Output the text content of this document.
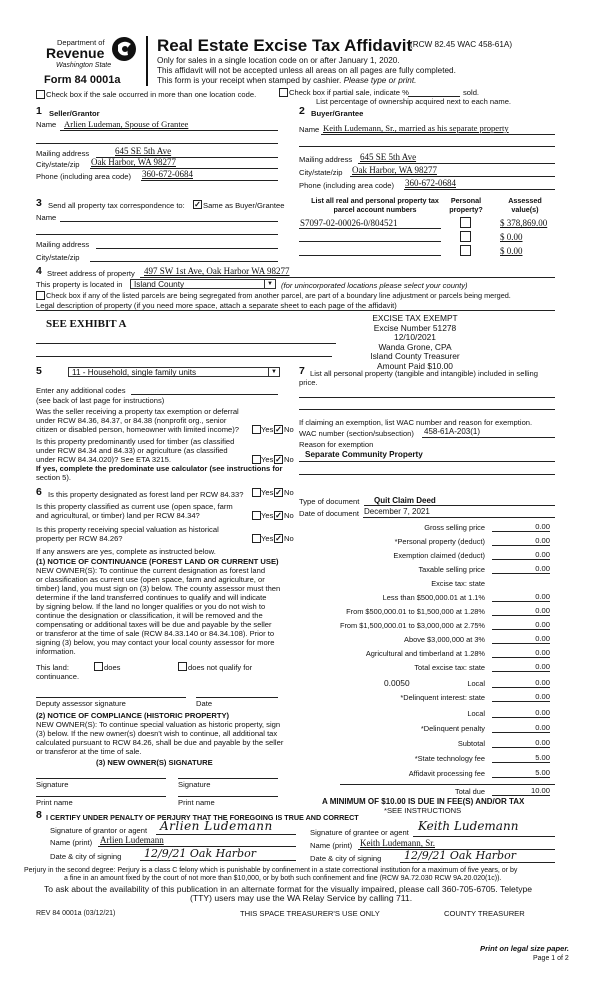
Department of
Revenue
Washington State
Form 84 0001a
Real Estate Excise Tax Affidavit
(RCW 82.45 WAC 458-61A)
Only for sales in a single location code on or after January 1, 2020.
This affidavit will not be accepted unless all areas on all pages are fully completed.
This form is your receipt when stamped by cashier. Please type or print.
Check box if the sale occurred in more than one location code.	Check box if partial sale, indicate %	sold.
List percentage of ownership acquired next to each name.
1 Seller/Grantor
Name Arlien Ludeman, Spouse of Grantee
Mailing address	645 SE 5th Ave
City/state/zip Oak Harbor, WA 98277
Phone (including area code) 360-672-0684
2 Buyer/Grantee
Name Keith Ludemann, Sr., married as his separate property
Mailing address 645 SE 5th Ave
City/state/zip Oak Harbor, WA 98277
Phone (including area code) 360-672-0684
3 Send all property tax correspondence to: ✓ Same as Buyer/Grantee
Name
Mailing address
City/state/zip
List all real and personal property tax parcel account numbers
Personal property?
Assessed value(s)
S7097-02-00026-0/804521	$ 378,869.00
$ 0.00
$ 0.00
4 Street address of property 497 SW 1st Ave, Oak Harbor WA 98277
This property is located in	Island County	▼ (for unincorporated locations please select your county)
Check box if any of the listed parcels are being segregated from another parcel, are part of a boundary line adjustment or parcels being merged.
Legal description of property (if you need more space, attach a separate sheet to each page of the affidavit)
SEE EXHIBIT A	EXCISE TAX EXEMPT
Excise Number 51278
12/10/2021
Wanda Grone, CPA
Island County Treasurer
Amount Paid $10.00
5	11 - Household, single family units	▼
Enter any additional codes
(see back of last page for instructions)
Was the seller receiving a property tax exemption or deferral
under RCW 84.36, 84.37, or 84.38 (nonprofit org., senior
citizen or disabled person, homeowner with limited income)?	Yes ✓ No
Is this property predominantly used for timber (as classified
under RCW 84.34 and 84.33) or agriculture (as classified
under RCW 84.34.020)? See ETA 3215.	Yes ✓ No
If yes, complete the predominate use calculator (see instructions for
section 5).
7 List all personal property (tangible and intangible) included in selling
price.
If claiming an exemption, list WAC number and reason for exemption.
WAC number (section/subsection) 458-61A-203(1)
Reason for exemption
Separate Community Property
6 Is this property designated as forest land per RCW 84.33? Yes ✓ No
Is this property classified as current use (open space, farm
and agricultural, or timber) land per RCW 84.34?	Yes ✓ No
Is this property receiving special valuation as historical
property per RCW 84.26?	Yes ✓ No
If any answers are yes, complete as instructed below.
(1) NOTICE OF CONTINUANCE (FOREST LAND OR CURRENT USE)
NEW OWNER(S): To continue the current designation as forest land
or classification as current use (open space, farm and agriculture, or
timber) land, you must sign on (3) below. The county assessor must then
determine if the land transferred continues to qualify and will indicate
by signing below. If the land no longer qualifies or you do not wish to
continue the designation or classification, it will be removed and the
compensating or additional taxes will be due and payable by the seller
or transferor at the time of sale (RCW 84.33.140 or 84.34.108). Prior to
signing (3) below, you may contact your local county assessor for more
information.
This land:	does	does not qualify for
continuance.
Deputy assessor signature	Date
(2) NOTICE OF COMPLIANCE (HISTORIC PROPERTY)
NEW OWNER(S): To continue special valuation as historic property, sign
(3) below. If the new owner(s) doesn't wish to continue, all additional tax
calculated pursuant to RCW 84.26, shall be due and payable by the seller
or transferor at the time of sale.
(3) NEW OWNER(S) SIGNATURE
Signature	Signature
Print name	Print name
Type of document Quit Claim Deed
Date of document December 7, 2021
Gross selling price	0.00
*Personal property (deduct)	0.00
Exemption claimed (deduct)	0.00
Taxable selling price	0.00
Excise tax: state
Less than $500,000.01 at 1.1%	0.00
From $500,000.01 to $1,500,000 at 1.28%	0.00
From $1,500,000.01 to $3,000,000 at 2.75%	0.00
Above $3,000,000 at 3%	0.00
Agricultural and timberland at 1.28%	0.00
Total excise tax: state	0.00
0.0050	Local	0.00
*Delinquent interest: state	0.00
Local	0.00
*Delinquent penalty	0.00
Subtotal	0.00
*State technology fee	5.00
Affidavit processing fee	5.00
Total due	10.00
A MINIMUM OF $10.00 IS DUE IN FEE(S) AND/OR TAX
*SEE INSTRUCTIONS
8 I CERTIFY UNDER PENALTY OF PERJURY THAT THE FOREGOING IS TRUE AND CORRECT
Signature of grantor or agent Arlien Ludemann
Name (print) Arlien Ludemann
Date & city of signing 12/9/21 Oak Harbor
Signature of grantee or agent Keith Ludemann
Name (print) Keith Ludemann, Sr.
Date & city of signing 12/9/21 Oak Harbor
Perjury in the second degree: Perjury is a class C felony which is punishable by confinement in a state correctional institution for a maximum of five years, or by
a fine in an amount fixed by the court of not more than $10,000, or by both such confinement and fine (RCW 9A.72.030 RCW 9A.20.020(1c)).
To ask about the availability of this publication in an alternate format for the visually impaired, please call 360-705-6705. Teletype
(TTY) users may use the WA Relay Service by calling 711.
REV 84 0001a (03/12/21)	THIS SPACE TREASURER'S USE ONLY	COUNTY TREASURER
Print on legal size paper.
Page 1 of 2
